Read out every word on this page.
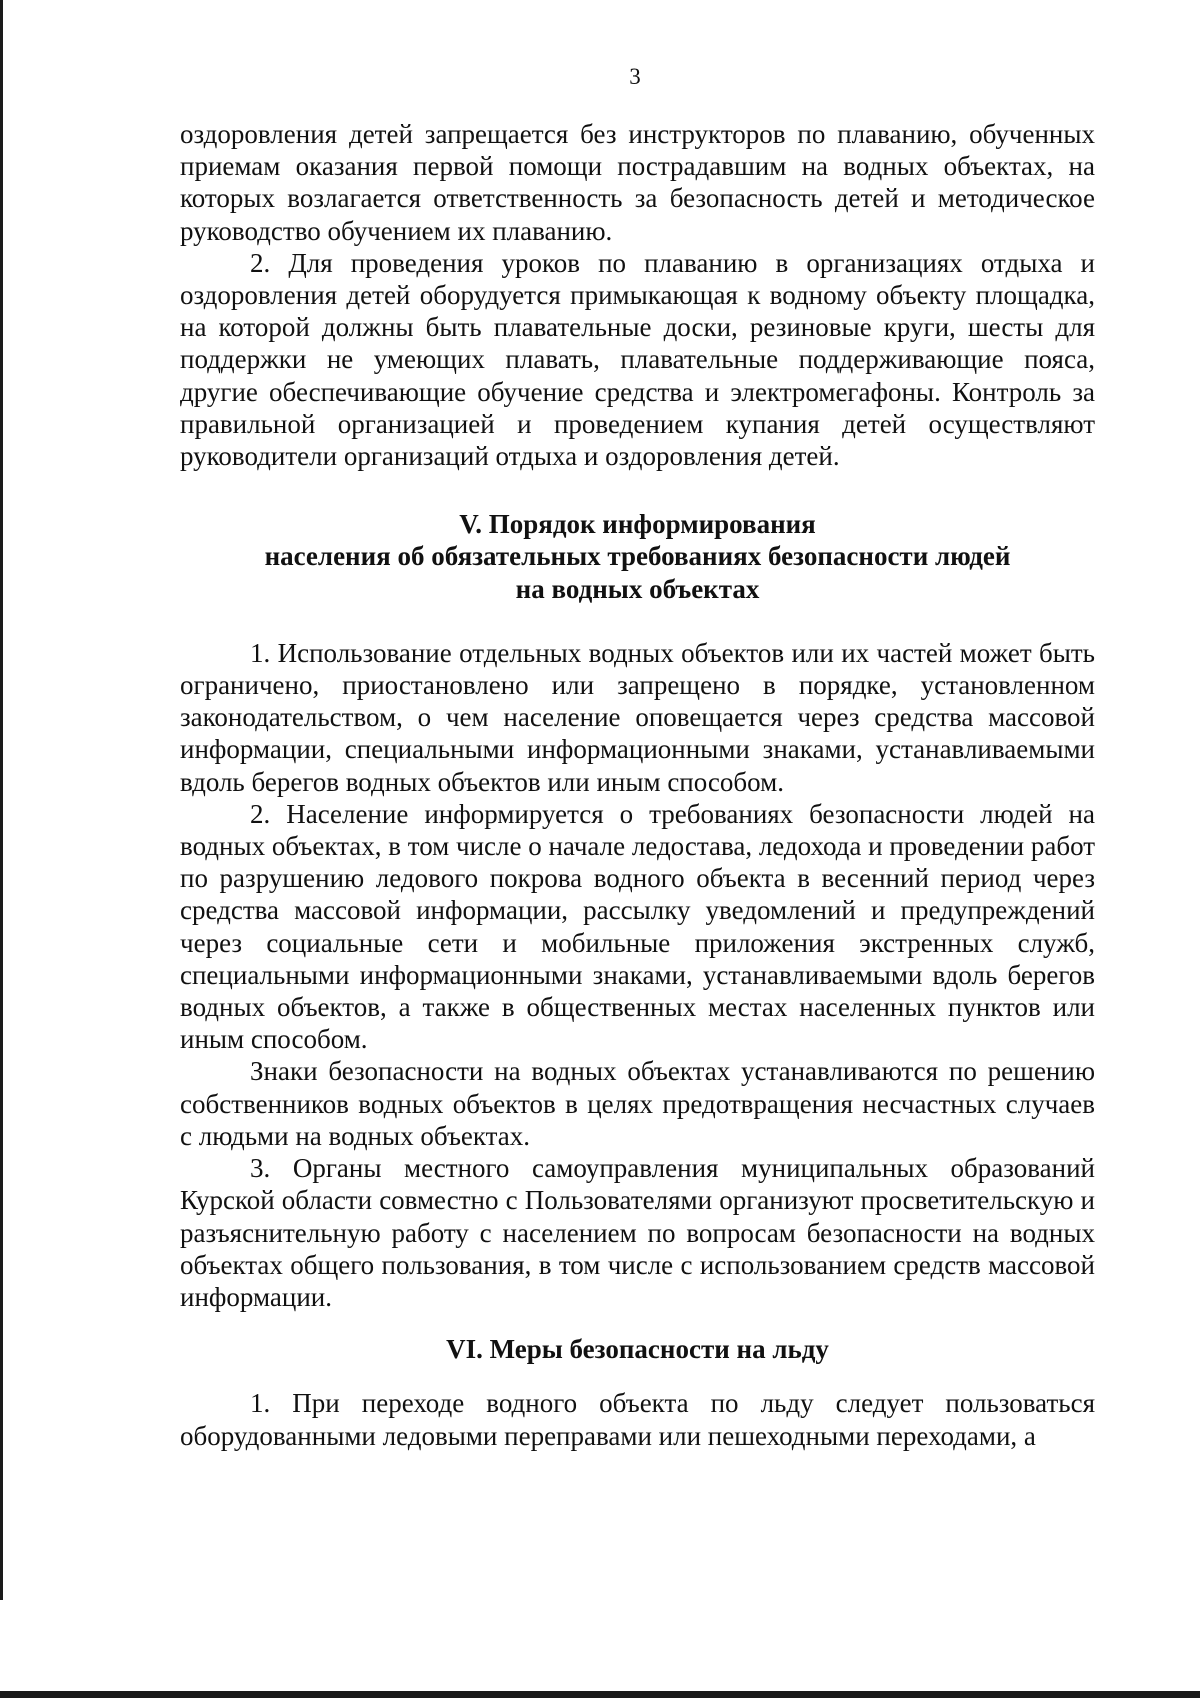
3

оздоровления детей запрещается без инструкторов по плаванию, обученных приемам оказания первой помощи пострадавшим на водных объектах, на которых возлагается ответственность за безопасность детей и методическое руководство обучением их плаванию.

2. Для проведения уроков по плаванию в организациях отдыха и оздоровления детей оборудуется примыкающая к водному объекту площадка, на которой должны быть плавательные доски, резиновые круги, шесты для поддержки не умеющих плавать, плавательные поддерживающие пояса, другие обеспечивающие обучение средства и электромегафоны. Контроль за правильной организацией и проведением купания детей осуществляют руководители организаций отдыха и оздоровления детей.

V. Порядок информирования

населения об обязательных требованиях безопасности людей

на водных объектах

1. Использование отдельных водных объектов или их частей может быть ограничено, приостановлено или запрещено в порядке, установленном законодательством, о чем население оповещается через средства массовой информации, специальными информационными знаками, устанавливаемыми вдоль берегов водных объектов или иным способом.

2. Население информируется о требованиях безопасности людей на водных объектах, в том числе о начале ледостава, ледохода и проведении работ по разрушению ледового покрова водного объекта в весенний период через средства массовой информации, рассылку уведомлений и предупреждений через социальные сети и мобильные приложения экстренных служб, специальными информационными знаками, устанавливаемыми вдоль берегов водных объектов, а также в общественных местах населенных пунктов или иным способом.

Знаки безопасности на водных объектах устанавливаются по решению собственников водных объектов в целях предотвращения несчастных случаев с людьми на водных объектах.

3. Органы местного самоуправления муниципальных образований Курской области совместно с Пользователями организуют просветительскую и разъяснительную работу с населением по вопросам безопасности на водных объектах общего пользования, в том числе с использованием средств массовой информации.

VI. Меры безопасности на льду

1. При переходе водного объекта по льду следует пользоваться оборудованными ледовыми переправами или пешеходными переходами, а
